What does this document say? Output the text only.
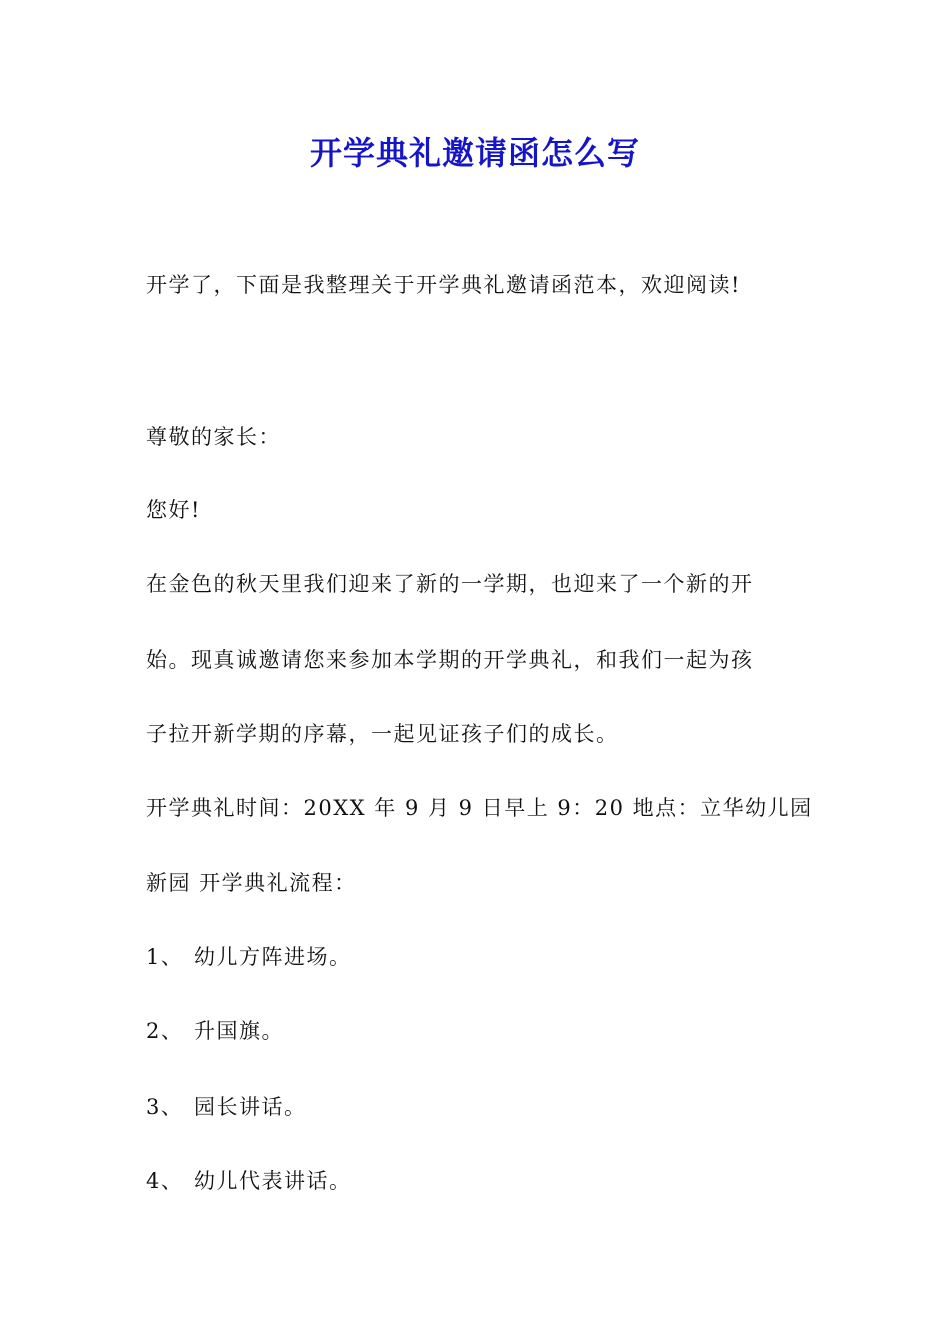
开学典礼邀请函怎么写
开学了，下面是我整理关于开学典礼邀请函范本，欢迎阅读!
尊敬的家长：
您好!
在金色的秋天里我们迎来了新的一学期，也迎来了一个新的开
始。现真诚邀请您来参加本学期的开学典礼，和我们一起为孩
子拉开新学期的序幕，一起见证孩子们的成长。
开学典礼时间：20XX 年 9 月 9 日早上 9：20 地点：立华幼儿园
新园 开学典礼流程：
1、 幼儿方阵进场。
2、 升国旗。
3、 园长讲话。
4、 幼儿代表讲话。
